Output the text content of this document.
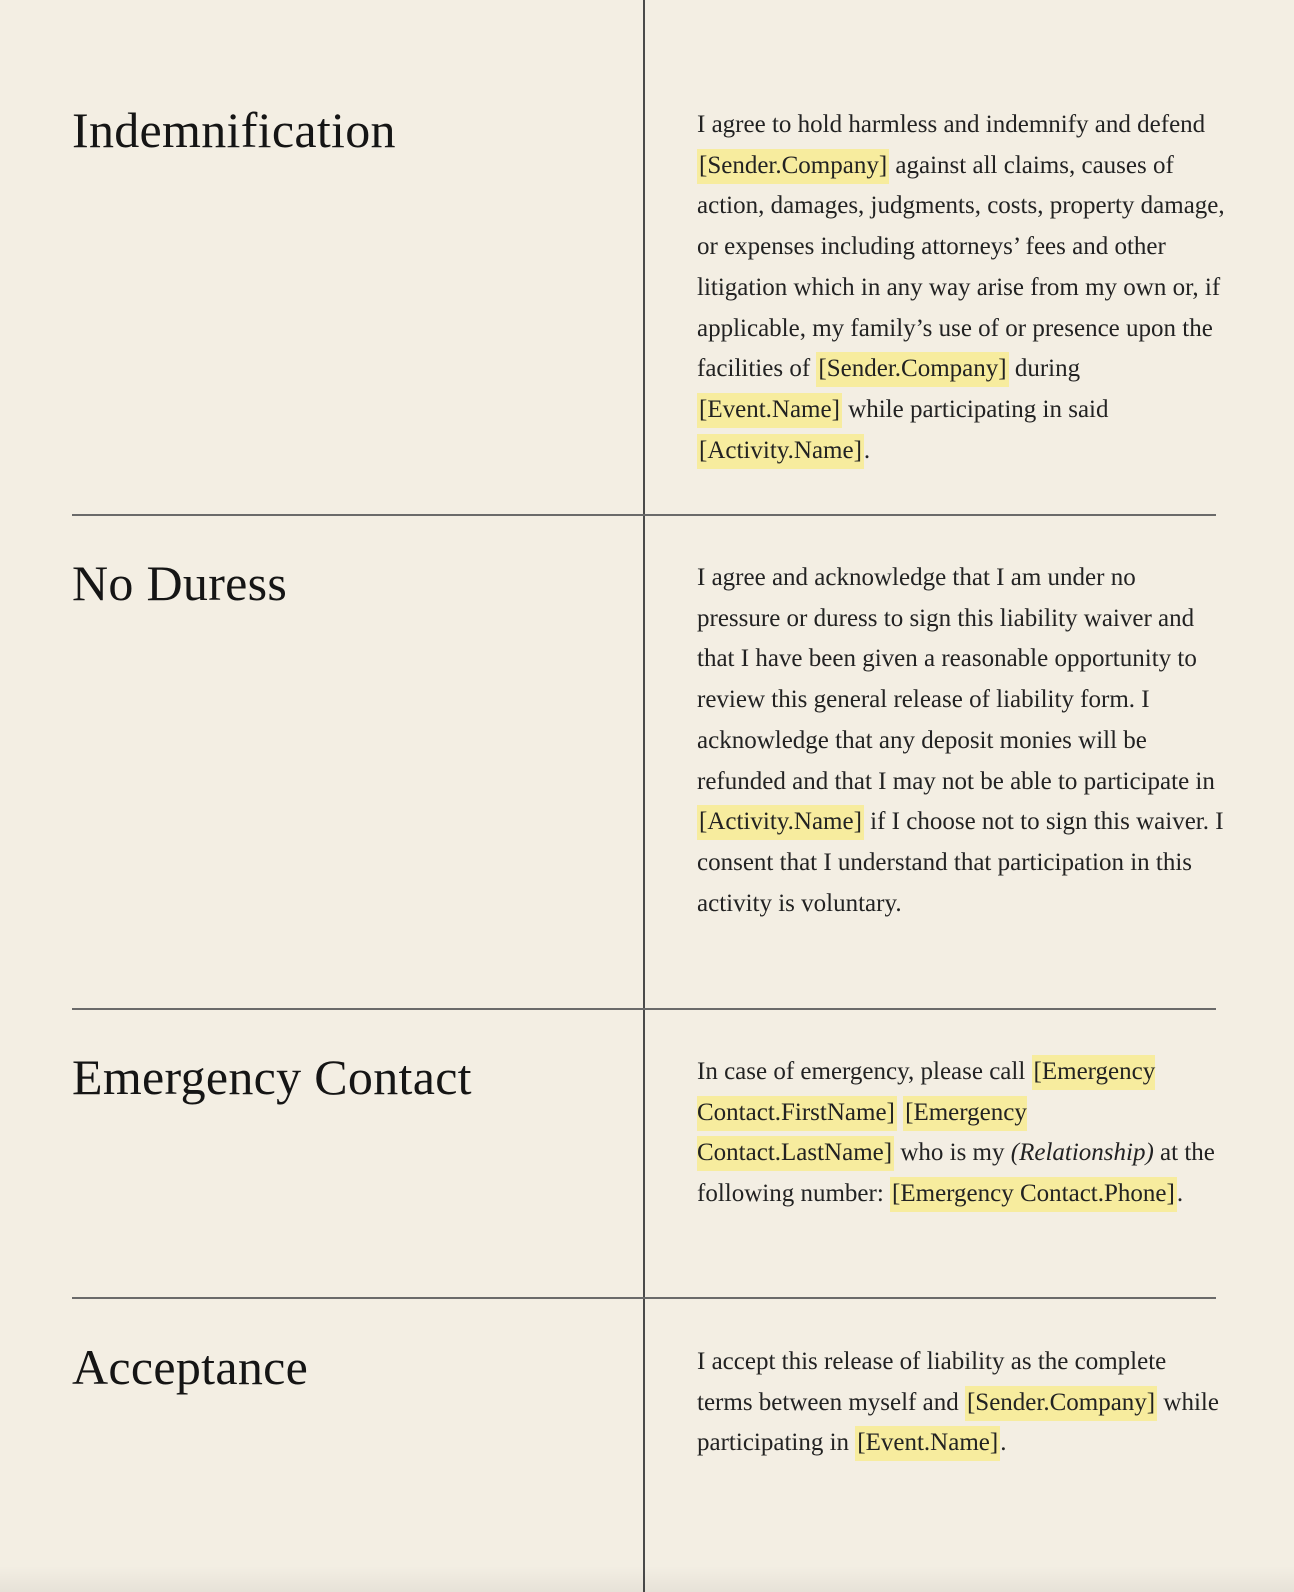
Indemnification	I agree to hold harmless and indemnify and defend [Sender.Company] against all claims, causes of action, damages, judgments, costs, property damage, or expenses including attorneys’ fees and other litigation which in any way arise from my own or, if applicable, my family’s use of or presence upon the facilities of [Sender.Company] during [Event.Name] while participating in said [Activity.Name].

No Duress	I agree and acknowledge that I am under no pressure or duress to sign this liability waiver and that I have been given a reasonable opportunity to review this general release of liability form. I acknowledge that any deposit monies will be refunded and that I may not be able to participate in [Activity.Name] if I choose not to sign this waiver. I consent that I understand that participation in this activity is voluntary.

Emergency Contact	In case of emergency, please call [Emergency Contact.FirstName] [Emergency Contact.LastName] who is my (Relationship) at the following number: [Emergency Contact.Phone].

Acceptance	I accept this release of liability as the complete terms between myself and [Sender.Company] while participating in [Event.Name].
